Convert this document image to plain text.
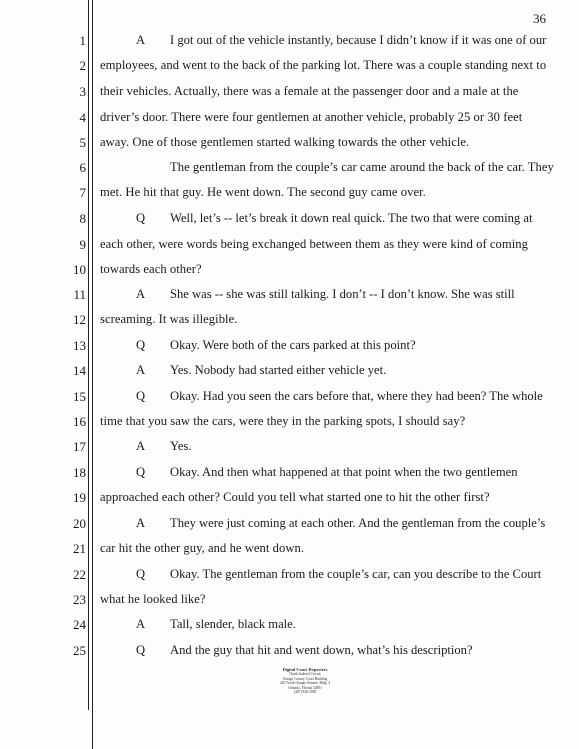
36
1	A I got out of the vehicle instantly, because I didn’t know if it was one of our
2 employees, and went to the back of the parking lot. There was a couple standing next to
3 their vehicles. Actually, there was a female at the passenger door and a male at the
4 driver’s door. There were four gentlemen at another vehicle, probably 25 or 30 feet
5 away. One of those gentlemen started walking towards the other vehicle.
6	The gentleman from the couple’s car came around the back of the car. They
7 met. He hit that guy. He went down. The second guy came over.
8	Q Well, let’s -- let’s break it down real quick. The two that were coming at
9 each other, were words being exchanged between them as they were kind of coming
10 towards each other?
11	A She was -- she was still talking. I don’t -- I don’t know. She was still
12 screaming. It was illegible.
13	Q Okay. Were both of the cars parked at this point?
14	A Yes. Nobody had started either vehicle yet.
15	Q Okay. Had you seen the cars before that, where they had been? The whole
16 time that you saw the cars, were they in the parking spots, I should say?
17	A Yes.
18	Q Okay. And then what happened at that point when the two gentlemen
19 approached each other? Could you tell what started one to hit the other first?
20	A They were just coming at each other. And the gentleman from the couple’s
21 car hit the other guy, and he went down.
22	Q Okay. The gentleman from the couple’s car, can you describe to the Court
23 what he looked like?
24	A Tall, slender, black male.
25	Q And the guy that hit and went down, what’s his description?
Digital Court Reporters
Ninth Judicial Circuit
Orange County Court Building
425 North Orange Avenue, Bldg. 4
Orlando, Florida 32801
(407) 836-2050
